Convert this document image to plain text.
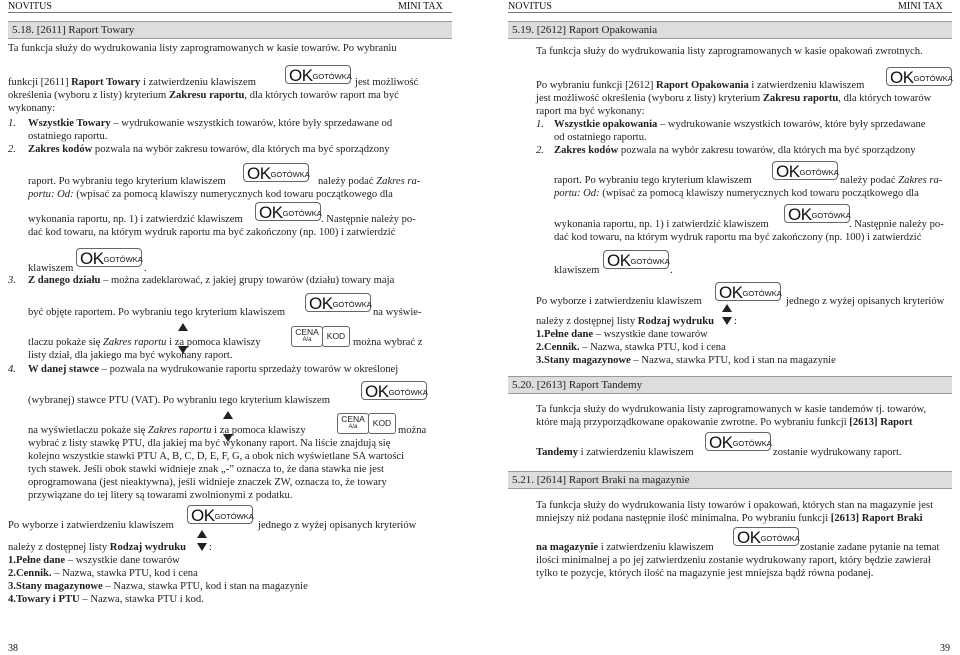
NOVITUS	MINI TAX	NOVITUS	MINI TAX
5.18. [2611] Raport Towary
Ta funkcja służy do wydrukowania listy zaprogramowanych w kasie towarów. Po wybraniu
funkcji [2611] Raport Towary i zatwierdzeniu klawiszem OKGOTÓWKA
jest możliwość
określenia (wyboru z listy) kryterium Zakresu raportu, dla których towarów raport ma być
wykonany:
1. Wszystkie Towary – wydrukowanie wszystkich towarów, które były sprzedawane od
ostatniego raportu.
2. Zakres kodów pozwala na wybór zakresu towarów, dla których ma być sporządzony
raport. Po wybraniu tego kryterium klawiszem OKGOTÓWKA
należy podać Zakres ra-
portu: Od: (wpisać za pomocą klawiszy numerycznych kod towaru początkowego dla
wykonania raportu, np. 1) i zatwierdzić klawiszem OKGOTÓWKA
. Następnie należy po-
dać kod towaru, na którym wydruk raportu ma być zakończony (np. 100) i zatwierdzić
klawiszem
OKGOTÓWKA
.
3. Z danego działu – można zadeklarować, z jakiej grupy towarów (działu) towary maja
być objęte raportem. Po wybraniu tego kryterium klawiszem OKGOTÓWKA
na wyświe-
tlaczu pokaże się Zakres raportu i za pomoca klawiszy
CENA
A/a	KOD
można wybrać z
listy dział, dla jakiego ma być wykonany raport.
4. W danej stawce – pozwala na wydrukowanie raportu sprzedaży towarów w określonej
(wybranej) stawce PTU (VAT). Po wybraniu tego kryterium klawiszem OKGOTÓWKA
na wyświetlaczu pokaże się Zakres raportu i za pomoca klawiszy
CENA
A/a	KOD
można
wybrać z listy stawkę PTU, dla jakiej ma być wykonany raport. Na liście znajdują się
kolejno wszystkie stawki PTU A, B, C, D, E, F, G, a obok nich wyświetlane SA wartości
tych stawek. Jeśli obok stawki widnieje znak „-” oznacza to, że dana stawka nie jest
oprogramowana (jest nieaktywna), jeśli widnieje znaczek ZW, oznacza to, że towary
przywiązane do tej litery są towarami zwolnionymi z podatku.
Po wyborze i zatwierdzeniu klawiszem
OKGOTÓWKA
jednego z wyżej opisanych kryteriów
należy z dostępnej listy Rodzaj wydruku :
1.Pełne dane – wszystkie dane towarów
2.Cennik. – Nazwa, stawka PTU, kod i cena
3.Stany magazynowe – Nazwa, stawka PTU, kod i stan na magazynie
4.Towary i PTU – Nazwa, stawka PTU i kod.
38
5.19. [2612] Raport Opakowania
Ta funkcja służy do wydrukowania listy zaprogramowanych w kasie opakowań zwrotnych.
Po wybraniu funkcji [2612] Raport Opakowania i zatwierdzeniu klawiszem OKGOTÓWKA
jest możliwość określenia (wyboru z listy) kryterium Zakresu raportu, dla których towarów
raport ma być wykonany:
1. Wszystkie opakowania – wydrukowanie wszystkich towarów, które były sprzedawane
od ostatniego raportu.
2. Zakres kodów pozwala na wybór zakresu towarów, dla których ma być sporządzony
raport. Po wybraniu tego kryterium klawiszem OKGOTÓWKA
należy podać Zakres ra-
portu: Od: (wpisać za pomocą klawiszy numerycznych kod towaru początkowego dla
wykonania raportu, np. 1) i zatwierdzić klawiszem
OKGOTÓWKA
. Następnie należy po-
dać kod towaru, na którym wydruk raportu ma być zakończony (np. 100) i zatwierdzić
klawiszem
OKGOTÓWKA
.
Po wyborze i zatwierdzeniu klawiszem OKGOTÓWKA
jednego z wyżej opisanych kryteriów
należy z dostępnej listy Rodzaj wydruku :
1.Pełne dane – wszystkie dane towarów
2.Cennik. – Nazwa, stawka PTU, kod i cena
3.Stany magazynowe – Nazwa, stawka PTU, kod i stan na magazynie
5.20. [2613] Raport Tandemy
Ta funkcja służy do wydrukowania listy zaprogramowanych w kasie tandemów tj. towarów,
które mają przyporządkowane opakowanie zwrotne. Po wybraniu funkcji [2613] Raport
Tandemy i zatwierdzeniu klawiszem
OKGOTÓWKA
zostanie wydrukowany raport.
5.21. [2614] Raport Braki na magazynie
Ta funkcja służy do wydrukowania listy towarów i opakowań, których stan na magazynie jest
mniejszy niż podana następnie ilość minimalna. Po wybraniu funkcji [2613] Raport Braki
na magazynie i zatwierdzeniu klawiszem
OKGOTÓWKA
zostanie zadane pytanie na temat
ilości minimalnej a po jej zatwierdzeniu zostanie wydrukowany raport, który będzie zawierał
tylko te pozycje, których ilość na magazynie jest mniejsza bądź równa podanej.
39
